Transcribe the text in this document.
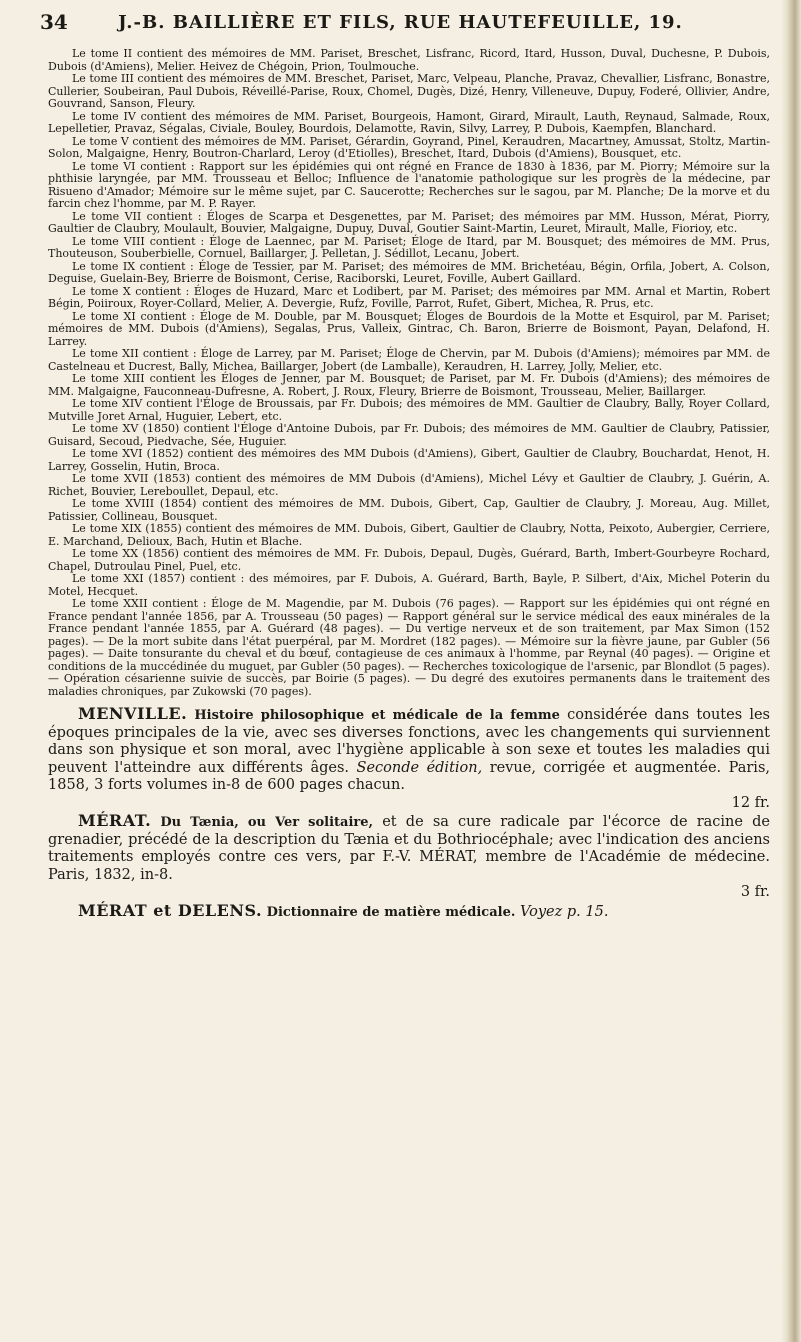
34	J.-B. BAILLIÈRE ET FILS, RUE HAUTEFEUILLE, 19.

Le tome II contient des mémoires de MM. Pariset, Breschet, Lisfranc, Ricord, Itard, Husson, Duval, Duchesne, P. Dubois, Dubois (d'Amiens), Melier. Heivez de Chégoin, Prion, Toulmouche.

Le tome III contient des mémoires de MM. Breschet, Pariset, Marc, Velpeau, Planche, Pravaz, Chevallier, Lisfranc, Bonastre, Cullerier, Soubeiran, Paul Dubois, Réveillé-Parise, Roux, Chomel, Dugès, Dizé, Henry, Villeneuve, Dupuy, Foderé, Ollivier, Andre, Gouvrand, Sanson, Fleury.

Le tome IV contient des mémoires de MM. Pariset, Bourgeois, Hamont, Girard, Mirault, Lauth, Reynaud, Salmade, Roux, Lepelletier, Pravaz, Ségalas, Civiale, Bouley, Bourdois, Delamotte, Ravin, Silvy, Larrey, P. Dubois, Kaempfen, Blanchard.

Le tome V contient des mémoires de MM. Pariset, Gérardin, Goyrand, Pinel, Keraudren, Macartney, Amussat, Stoltz, Martin-Solon, Malgaigne, Henry, Boutron-Charlard, Leroy (d'Etiolles), Breschet, Itard, Dubois (d'Amiens), Bousquet, etc.

Le tome VI contient : Rapport sur les épidémies qui ont régné en France de 1830 à 1836, par M. Piorry; Mémoire sur la phthisie laryngée, par MM. Trousseau et Belloc; Influence de l'anatomie pathologique sur les progrès de la médecine, par Risueno d'Amador; Mémoire sur le même sujet, par C. Saucerotte; Recherches sur le sagou, par M. Planche; De la morve et du farcin chez l'homme, par M. P. Rayer.

Le tome VII contient : Éloges de Scarpa et Desgenettes, par M. Pariset; des mémoires par MM. Husson, Mérat, Piorry, Gaultier de Claubry, Moulault, Bouvier, Malgaigne, Dupuy, Duval, Goutier Saint-Martin, Leuret, Mirault, Malle, Fiorioy, etc.

Le tome VIII contient : Éloge de Laennec, par M. Pariset; Éloge de Itard, par M. Bousquet; des mémoires de MM. Prus, Thouteuson, Souberbielle, Cornuel, Baillarger, J. Pelletan, J. Sédillot, Lecanu, Jobert.

Le tome IX contient : Éloge de Tessier, par M. Pariset; des mémoires de MM. Brichetéau, Bégin, Orfila, Jobert, A. Colson, Deguise, Guelain-Bey, Brierre de Boismont, Cerise, Raciborski, Leuret, Foville, Aubert Gaillard.

Le tome X contient : Éloges de Huzard, Marc et Lodibert, par M. Pariset; des mémoires par MM. Arnal et Martin, Robert Bégin, Poiiroux, Royer-Collard, Melier, A. Devergie, Rufz, Foville, Parrot, Rufet, Gibert, Michea, R. Prus, etc.

Le tome XI contient : Éloge de M. Double, par M. Bousquet; Éloges de Bourdois de la Motte et Esquirol, par M. Pariset; mémoires de MM. Dubois (d'Amiens), Segalas, Prus, Valleix, Gintrac, Ch. Baron, Brierre de Boismont, Payan, Delafond, H. Larrey.

Le tome XII contient : Éloge de Larrey, par M. Pariset; Éloge de Chervin, par M. Dubois (d'Amiens); mémoires par MM. de Castelneau et Ducrest, Bally, Michea, Baillarger, Jobert (de Lamballe), Keraudren, H. Larrey, Jolly, Melier, etc.

Le tome XIII contient les Éloges de Jenner, par M. Bousquet; de Pariset, par M. Fr. Dubois (d'Amiens); des mémoires de MM. Malgaigne, Fauconneau-Dufresne, A. Robert, J. Roux, Fleury, Brierre de Boismont, Trousseau, Melier, Baillarger.

Le tome XIV contient l'Éloge de Broussais, par Fr. Dubois; des mémoires de MM. Gaultier de Claubry, Bally, Royer Collard, Mutville Joret Arnal, Huguier, Lebert, etc.

Le tome XV (1850) contient l'Éloge d'Antoine Dubois, par Fr. Dubois; des mémoires de MM. Gaultier de Claubry, Patissier, Guisard, Secoud, Piedvache, Sée, Huguier.

Le tome XVI (1852) contient des mémoires des MM Dubois (d'Amiens), Gibert, Gaultier de Claubry, Bouchardat, Henot, H. Larrey, Gosselin, Hutin, Broca.

Le tome XVII (1853) contient des mémoires de MM Dubois (d'Amiens), Michel Lévy et Gaultier de Claubry, J. Guérin, A. Richet, Bouvier, Lereboullet, Depaul, etc.

Le tome XVIII (1854) contient des mémoires de MM. Dubois, Gibert, Cap, Gaultier de Claubry, J. Moreau, Aug. Millet, Patissier, Collineau, Bousquet.

Le tome XIX (1855) contient des mémoires de MM. Dubois, Gibert, Gaultier de Claubry, Notta, Peixoto, Aubergier, Cerriere, E. Marchand, Delioux, Bach, Hutin et Blache.

Le tome XX (1856) contient des mémoires de MM. Fr. Dubois, Depaul, Dugès, Guérard, Barth, Imbert-Gourbeyre Rochard, Chapel, Dutroulau Pinel, Puel, etc.

Le tome XXI (1857) contient : des mémoires, par F. Dubois, A. Guérard, Barth, Bayle, P. Silbert, d'Aix, Michel Poterin du Motel, Hecquet.

Le tome XXII contient : Éloge de M. Magendie, par M. Dubois (76 pages). — Rapport sur les épidémies qui ont régné en France pendant l'année 1856, par A. Trousseau (50 pages) — Rapport général sur le service médical des eaux minérales de la France pendant l'année 1855, par A. Guérard (48 pages). — Du vertige nerveux et de son traitement, par Max Simon (152 pages). — De la mort subite dans l'état puerpéral, par M. Mordret (182 pages). — Mémoire sur la fièvre jaune, par Gubler (56 pages). — Daite tonsurante du cheval et du bœuf, contagieuse de ces animaux à l'homme, par Reynal (40 pages). — Origine et conditions de la muccédinée du muguet, par Gubler (50 pages). — Recherches toxicologique de l'arsenic, par Blondlot (5 pages). — Opération césarienne suivie de succès, par Boirie (5 pages). — Du degré des exutoires permanents dans le traitement des maladies chroniques, par Zukowski (70 pages).

MENVILLE. Histoire philosophique et médicale de la femme considérée dans toutes les époques principales de la vie, avec ses diverses fonctions, avec les changements qui surviennent dans son physique et son moral, avec l'hygiène applicable à son sexe et toutes les maladies qui peuvent l'atteindre aux différents âges. Seconde édition, revue, corrigée et augmentée. Paris, 1858, 3 forts volumes in-8 de 600 pages chacun.
12 fr.

MÉRAT. Du Tænia, ou Ver solitaire, et de sa cure radicale par l'écorce de racine de grenadier, précédé de la description du Tænia et du Bothriocéphale; avec l'indication des anciens traitements employés contre ces vers, par F.-V. MÉRAT, membre de l'Académie de médecine. Paris, 1832, in-8.
3 fr.

MÉRAT et DELENS. Dictionnaire de matière médicale. Voyez p. 15.
